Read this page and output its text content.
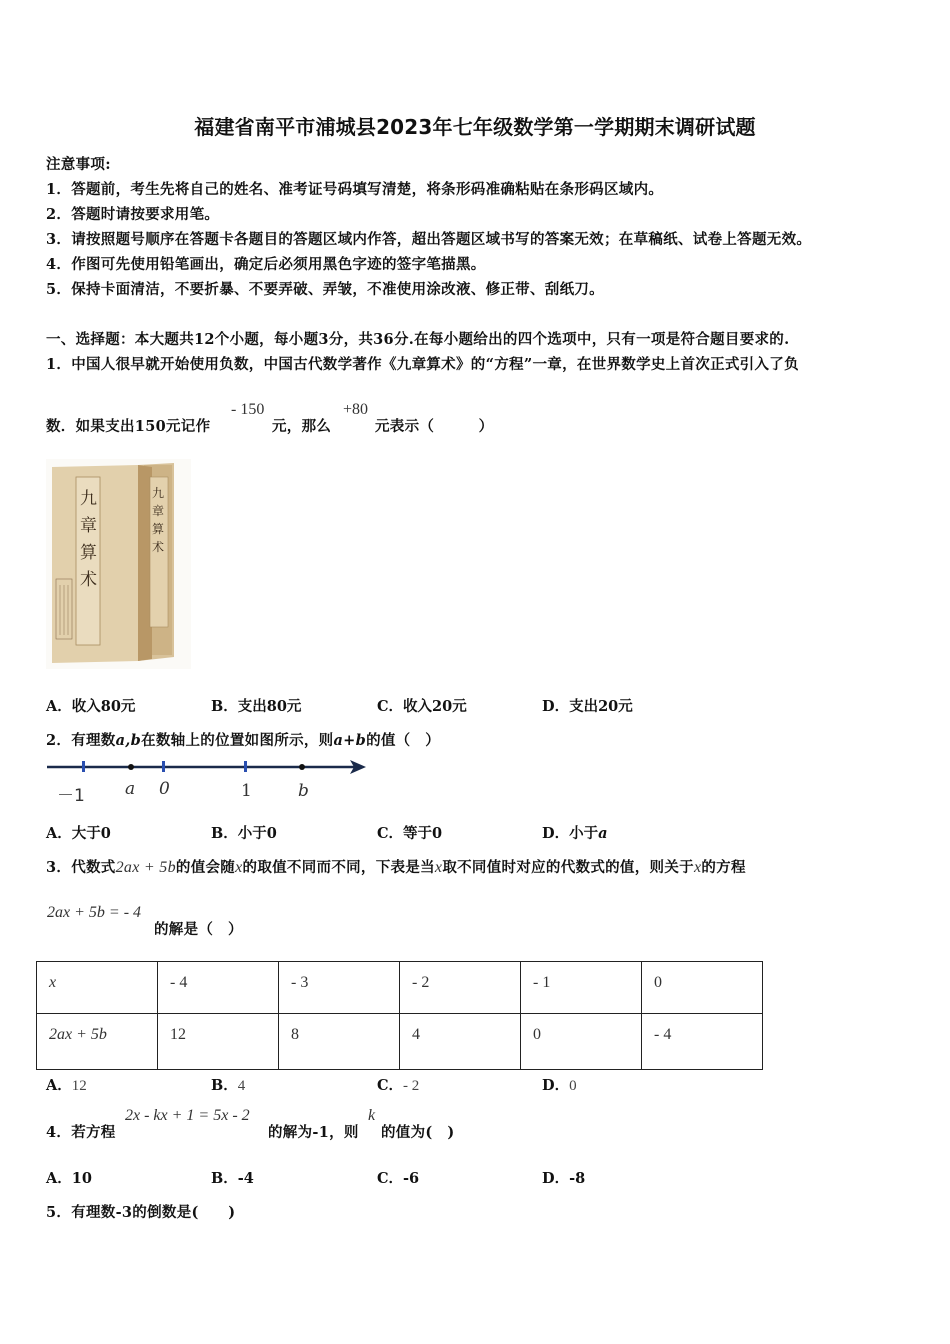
福建省南平市浦城县2023年七年级数学第一学期期末调研试题
注意事项:
1．答题前，考生先将自己的姓名、准考证号码填写清楚，将条形码准确粘贴在条形码区域内。
2．答题时请按要求用笔。
3．请按照题号顺序在答题卡各题目的答题区域内作答，超出答题区域书写的答案无效；在草稿纸、试卷上答题无效。
4．作图可先使用铅笔画出，确定后必须用黑色字迹的签字笔描黑。
5．保持卡面清洁，不要折暴、不要弄破、弄皱，不准使用涂改液、修正带、刮纸刀。
一、选择题：本大题共12个小题，每小题3分，共36分.在每小题给出的四个选项中，只有一项是符合题目要求的.
1．中国人很早就开始使用负数，中国古代数学著作《九章算术》的“方程”一章，在世界数学史上首次正式引入了负
数．如果支出150元记作
- 150
元，那么
+80
元表示（　　　）
九
章
算
术
九
章
算
术
A．收入80元	B．支出80元	C．收入20元	D．支出20元
2．有理数a,b在数轴上的位置如图所示，则a+b的值（　）
－1 a 0	1	b
A．大于0	B．小于0	C．等于0	D．小于a
3．代数式2ax + 5b的值会随x的取值不同而不同，下表是当x取不同值时对应的代数式的值，则关于x的方程
2ax + 5b = - 4
的解是（　）
x	- 4	- 3	- 2	- 1	0
2ax + 5b	12	8	4	0	- 4
A．12	B．4	C．- 2	D．0
4．若方程
2x - kx + 1 = 5x - 2
的解为-1，则
k
的值为(　)
A．10	B．-4	C．-6	D．-8
5．有理数-3的倒数是(　　)
